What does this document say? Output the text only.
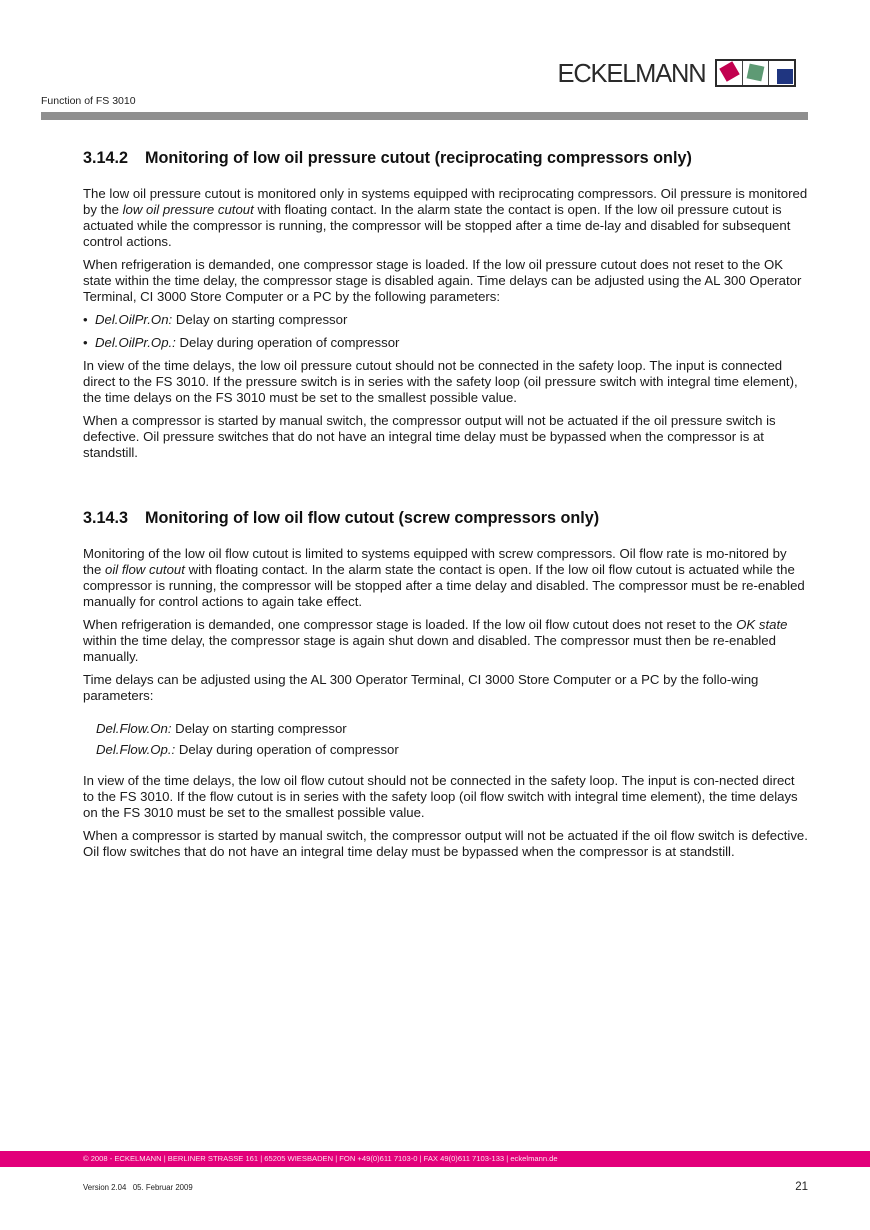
ECKELMANN
Function of FS 3010
3.14.2 Monitoring of low oil pressure cutout (reciprocating compressors only)

The low oil pressure cutout is monitored only in systems equipped with reciprocating compressors. Oil pressure is monitored by the low oil pressure cutout with floating contact. In the alarm state the contact is open. If the low oil pressure cutout is actuated while the compressor is running, the compressor will be stopped after a time de-lay and disabled for subsequent control actions.

When refrigeration is demanded, one compressor stage is loaded. If the low oil pressure cutout does not reset to the OK state within the time delay, the compressor stage is disabled again. Time delays can be adjusted using the AL 300 Operator Terminal, CI 3000 Store Computer or a PC by the following parameters:

• Del.OilPr.On: Delay on starting compressor
• Del.OilPr.Op.: Delay during operation of compressor

In view of the time delays, the low oil pressure cutout should not be connected in the safety loop. The input is connected direct to the FS 3010. If the pressure switch is in series with the safety loop (oil pressure switch with integral time element), the time delays on the FS 3010 must be set to the smallest possible value.

When a compressor is started by manual switch, the compressor output will not be actuated if the oil pressure switch is defective. Oil pressure switches that do not have an integral time delay must be bypassed when the compressor is at standstill.

3.14.3 Monitoring of low oil flow cutout (screw compressors only)

Monitoring of the low oil flow cutout is limited to systems equipped with screw compressors. Oil flow rate is mo-nitored by the oil flow cutout with floating contact. In the alarm state the contact is open. If the low oil flow cutout is actuated while the compressor is running, the compressor will be stopped after a time delay and disabled. The compressor must be re-enabled manually for control actions to again take effect.

When refrigeration is demanded, one compressor stage is loaded. If the low oil flow cutout does not reset to the OK state within the time delay, the compressor stage is again shut down and disabled. The compressor must then be re-enabled manually.

Time delays can be adjusted using the AL 300 Operator Terminal, CI 3000 Store Computer or a PC by the follo-wing parameters:

Del.Flow.On: Delay on starting compressor
Del.Flow.Op.: Delay during operation of compressor

In view of the time delays, the low oil flow cutout should not be connected in the safety loop. The input is con-nected direct to the FS 3010. If the flow cutout is in series with the safety loop (oil flow switch with integral time element), the time delays on the FS 3010 must be set to the smallest possible value.

When a compressor is started by manual switch, the compressor output will not be actuated if the oil flow switch is defective. Oil flow switches that do not have an integral time delay must be bypassed when the compressor is at standstill.

© 2008 - ECKELMANN | BERLINER STRASSE 161 | 65205 WIESBADEN | FON +49(0)611 7103-0 | FAX 49(0)611 7103-133 | eckelmann.de
Version 2.04   05. Februar 2009	21
